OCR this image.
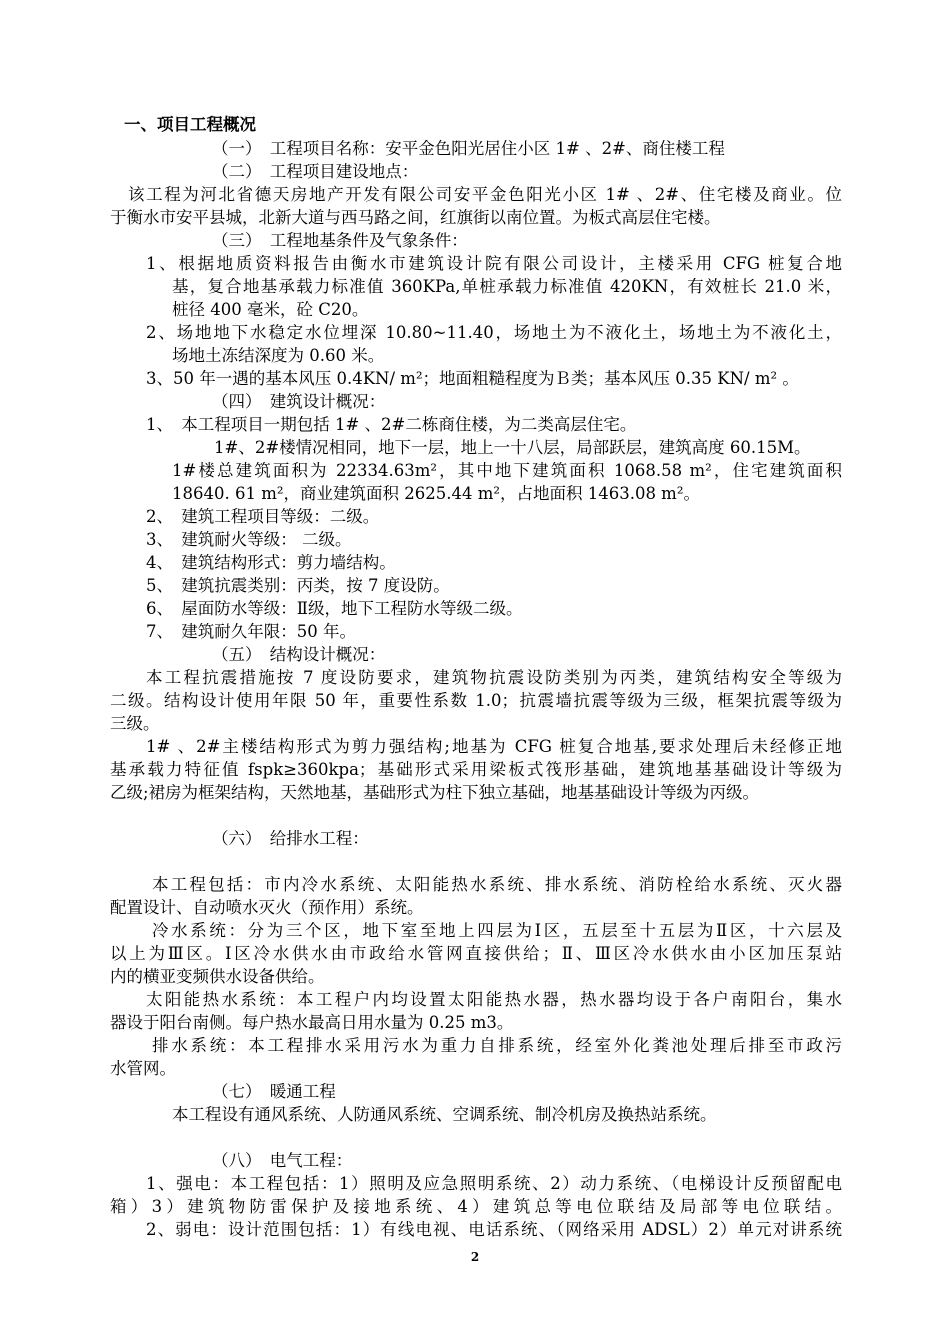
一、项目工程概况
（一）　工程项目名称：安平金色阳光居住小区 1# 、2#、商住楼工程
（二）　工程项目建设地点：
该工程为河北省德天房地产开发有限公司安平金色阳光小区 1# 、2#、住宅楼及商业。位
于衡水市安平县城，北新大道与西马路之间，红旗街以南位置。为板式高层住宅楼。
（三）　工程地基条件及气象条件：
1、根据地质资料报告由衡水市建筑设计院有限公司设计，主楼采用 CFG 桩复合地
基，复合地基承载力标准值 360KPa,单桩承载力标准值 420KN，有效桩长 21.0 米，
桩径 400 毫米，砼 C20。
2、场地地下水稳定水位埋深 10.80~11.40，场地土为不液化土，场地土为不液化土，
场地土冻结深度为 0.60 米。
3、50 年一遇的基本风压 0.4KN/ m²；地面粗糙程度为Ｂ类；基本风压 0.35 KN/ m² 。
（四）　建筑设计概况：
1、　本工程项目一期包括 1# 、2#二栋商住楼，为二类高层住宅。
1#、2#楼情况相同，地下一层，地上一十八层，局部跃层，建筑高度 60.15M。
1#楼总建筑面积为 22334.63m²，其中地下建筑面积 1068.58 m²，住宅建筑面积
18640. 61 m²，商业建筑面积 2625.44 m²，占地面积 1463.08 m²。
2、　建筑工程项目等级：二级。
3、　建筑耐火等级： 二级。
4、　建筑结构形式：剪力墙结构。
5、　建筑抗震类别：丙类，按 7 度设防。
6、　屋面防水等级：Ⅱ级，地下工程防水等级二级。
7、　建筑耐久年限：50 年。
（五）　结构设计概况：
本工程抗震措施按 7 度设防要求，建筑物抗震设防类别为丙类，建筑结构安全等级为
二级。结构设计使用年限 50 年，重要性系数 1.0；抗震墙抗震等级为三级，框架抗震等级为
三级。
1# 、2#主楼结构形式为剪力强结构;地基为 CFG 桩复合地基,要求处理后未经修正地
基承载力特征值 fspk≥360kpa；基础形式采用梁板式筏形基础，建筑地基基础设计等级为
乙级;裙房为框架结构，天然地基，基础形式为柱下独立基础，地基基础设计等级为丙级。
（六）　给排水工程：
本工程包括：市内冷水系统、太阳能热水系统、排水系统、消防栓给水系统、灭火器
配置设计、自动喷水灭火（预作用）系统。
冷水系统：分为三个区，地下室至地上四层为Ⅰ区，五层至十五层为Ⅱ区，十六层及
以上为Ⅲ区。Ⅰ区冷水供水由市政给水管网直接供给；Ⅱ、Ⅲ区冷水供水由小区加压泵站
内的横亚变频供水设备供给。
太阳能热水系统：本工程户内均设置太阳能热水器，热水器均设于各户南阳台，集水
器设于阳台南侧。每户热水最高日用水量为 0.25 m3。
排水系统：本工程排水采用污水为重力自排系统，经室外化粪池处理后排至市政污
水管网。
（七）　暖通工程
本工程设有通风系统、人防通风系统、空调系统、制冷机房及换热站系统。
（八）　电气工程：
1、强电：本工程包括：1）照明及应急照明系统、2）动力系统、（电梯设计反预留配电
箱）3）建筑物防雷保护及接地系统、4）建筑总等电位联结及局部等电位联结。
2、弱电：设计范围包括：1）有线电视、电话系统、（网络采用 ADSL）2）单元对讲系统
2
